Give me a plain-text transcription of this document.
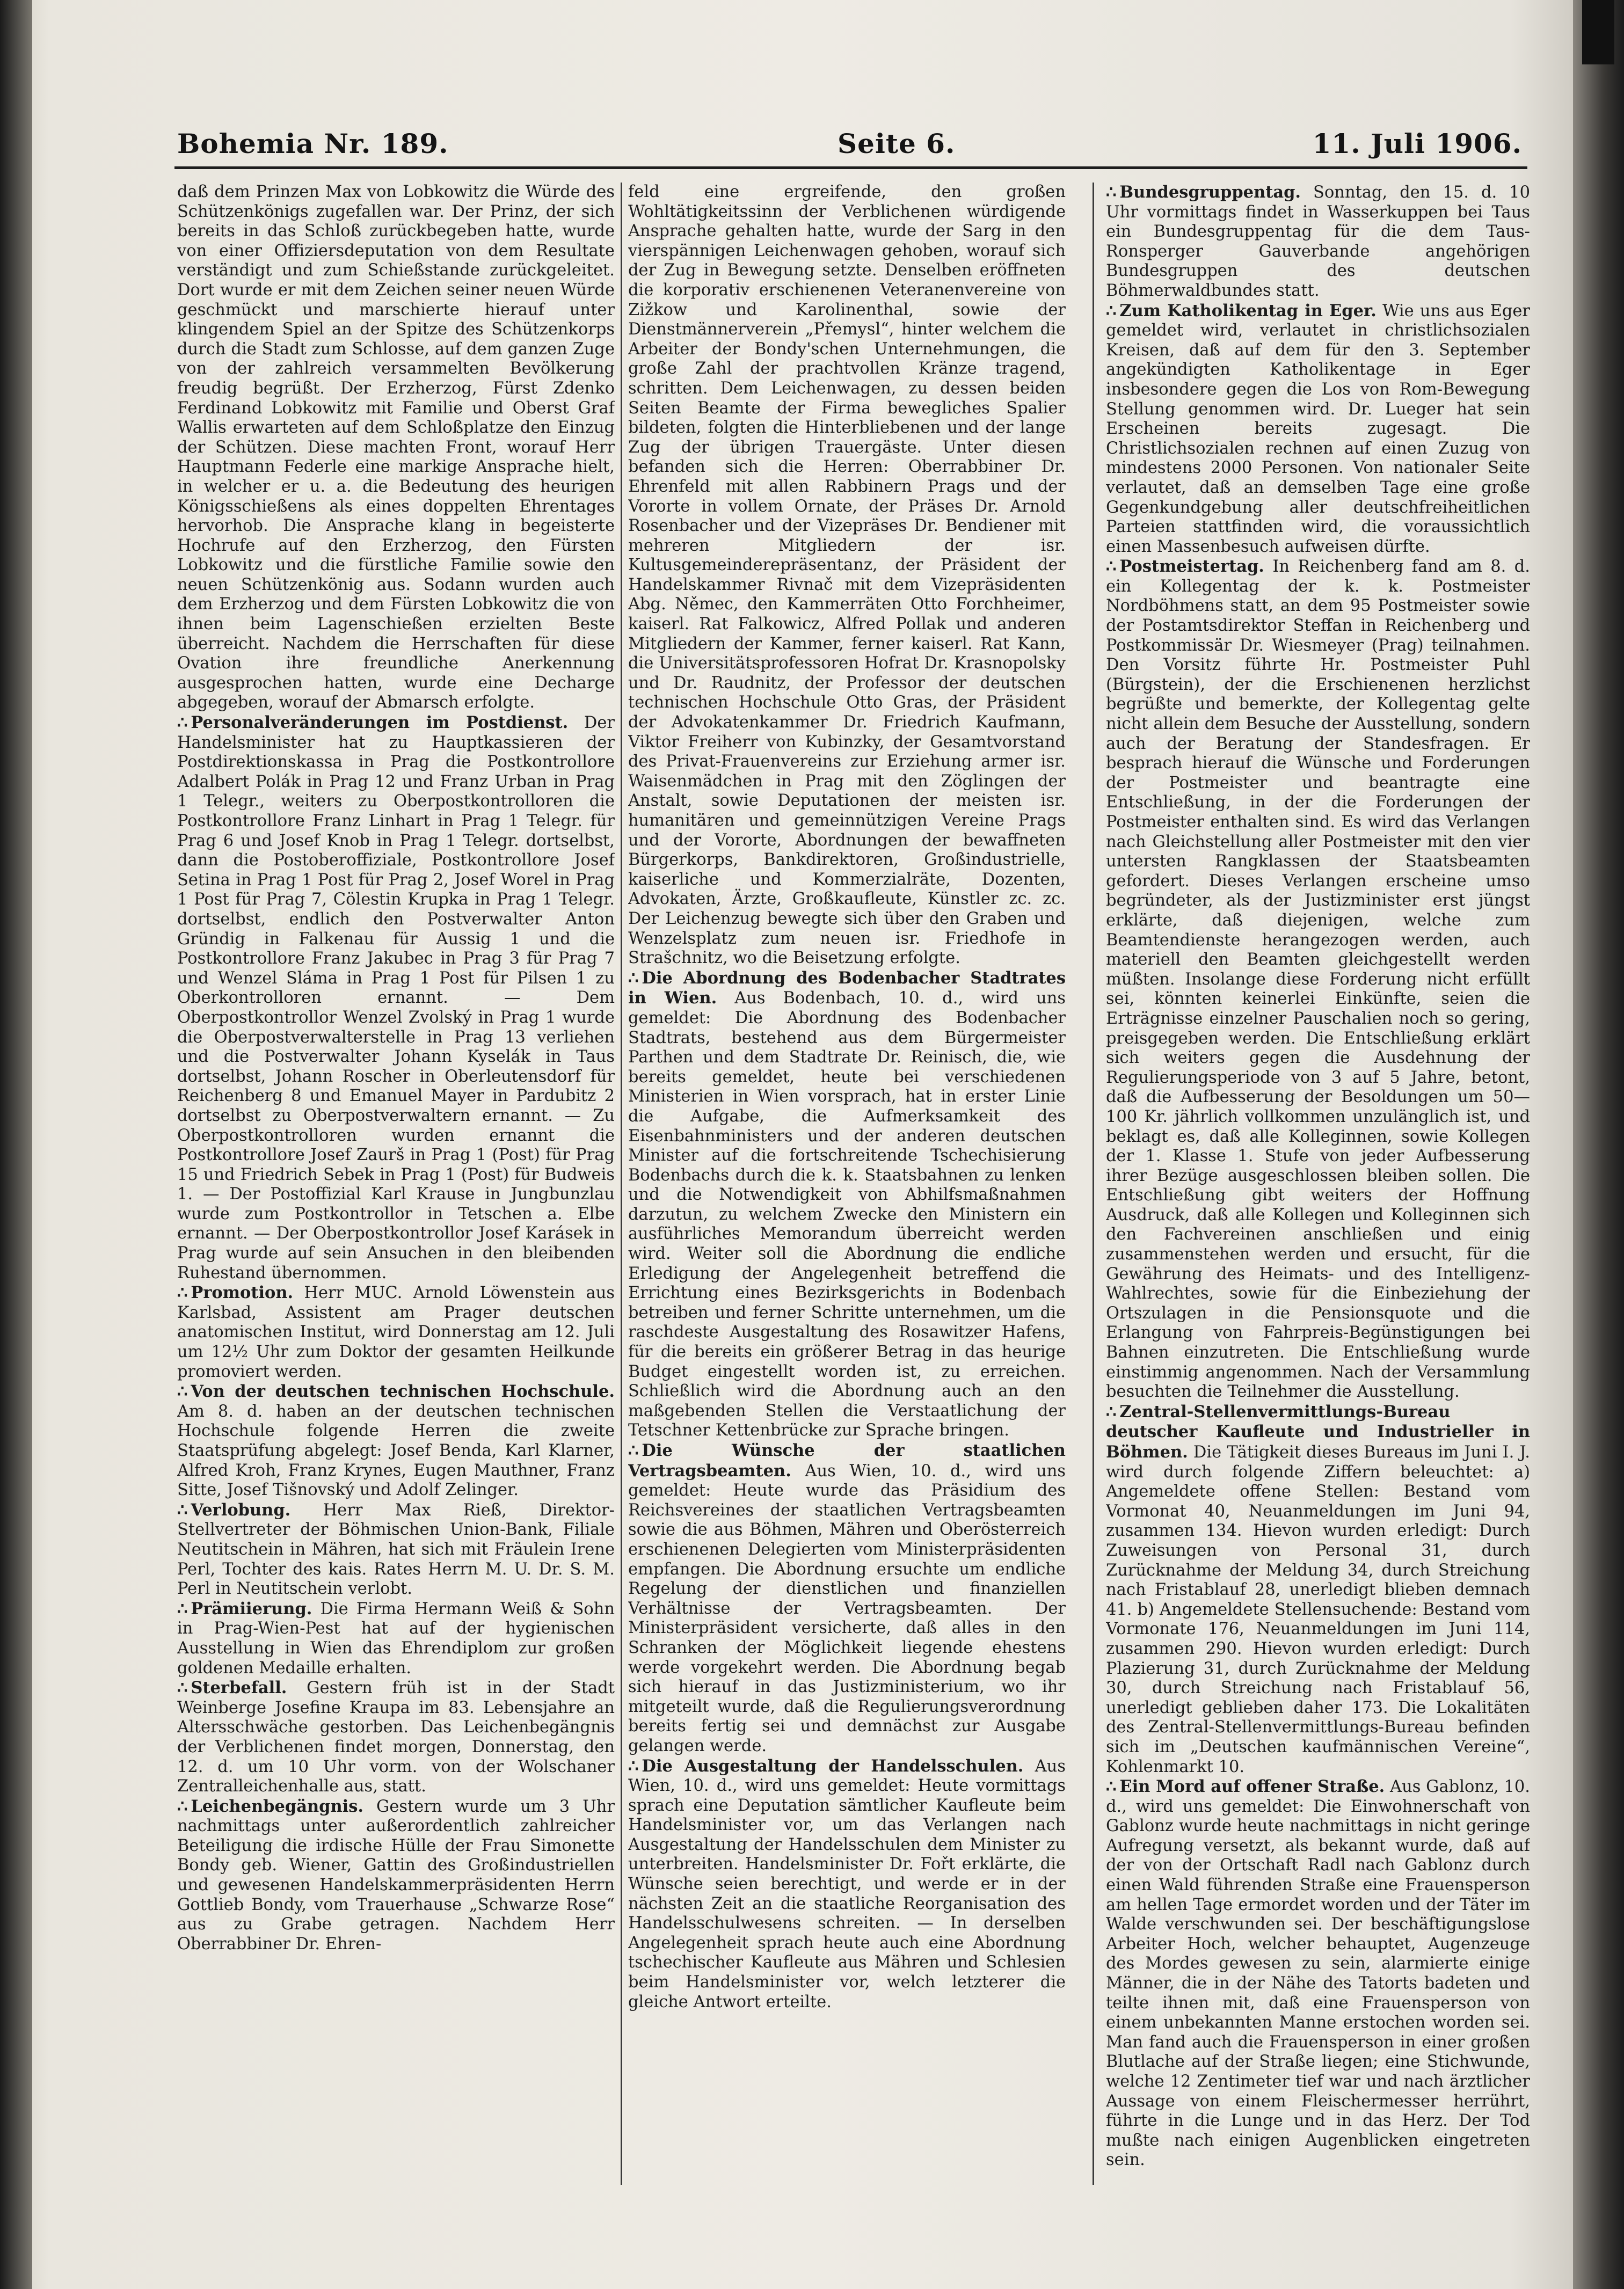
Bohemia Nr. 189.	Seite 6.	11. Juli 1906.

daß dem Prinzen Max von Lobkowitz die Würde des Schützenkönigs zugefallen war. Der Prinz, der sich bereits in das Schloß zurückbegeben hatte, wurde von einer Offiziersdeputation von dem Resultate verständigt und zum Schießstande zurückgeleitet. Dort wurde er mit dem Zeichen seiner neuen Würde geschmückt und marschierte hierauf unter klingendem Spiel an der Spitze des Schützenkorps durch die Stadt zum Schlosse, auf dem ganzen Zuge von der zahlreich versammelten Bevölkerung freudig begrüßt. Der Erzherzog, Fürst Zdenko Ferdinand Lobkowitz mit Familie und Oberst Graf Wallis erwarteten auf dem Schloßplatze den Einzug der Schützen. Diese machten Front, worauf Herr Hauptmann Federle eine markige Ansprache hielt, in welcher er u. a. die Bedeutung des heurigen Königsschießens als eines doppelten Ehrentages hervorhob. Die Ansprache klang in begeisterte Hochrufe auf den Erzherzog, den Fürsten Lobkowitz und die fürstliche Familie sowie den neuen Schützenkönig aus. Sodann wurden auch dem Erzherzog und dem Fürsten Lobkowitz die von ihnen beim Lagenschießen erzielten Beste überreicht. Nachdem die Herrschaften für diese Ovation ihre freundliche Anerkennung ausgesprochen hatten, wurde eine Decharge abgegeben, worauf der Abmarsch erfolgte.

∴ Personalveränderungen im Postdienst. Der Handelsminister hat zu Hauptkassieren der Postdirektionskassa in Prag die Postkontrollore Adalbert Polák in Prag 12 und Franz Urban in Prag 1 Telegr., weiters zu Oberpostkontrolloren die Postkontrollore Franz Linhart in Prag 1 Telegr. für Prag 6 und Josef Knob in Prag 1 Telegr. dortselbst, dann die Postoberoffiziale, Postkontrollore Josef Setina in Prag 1 Post für Prag 2, Josef Worel in Prag 1 Post für Prag 7, Cölestin Krupka in Prag 1 Telegr. dortselbst, endlich den Postverwalter Anton Gründig in Falkenau für Aussig 1 und die Postkontrollore Franz Jakubec in Prag 3 für Prag 7 und Wenzel Sláma in Prag 1 Post für Pilsen 1 zu Oberkontrolloren ernannt. — Dem Oberpostkontrollor Wenzel Zvolský in Prag 1 wurde die Oberpostverwalterstelle in Prag 13 verliehen und die Postverwalter Johann Kyselák in Taus dortselbst, Johann Roscher in Oberleutensdorf für Reichenberg 8 und Emanuel Mayer in Pardubitz 2 dortselbst zu Oberpostverwaltern ernannt. — Zu Oberpostkontrolloren wurden ernannt die Postkontrollore Josef Zaurš in Prag 1 (Post) für Prag 15 und Friedrich Sebek in Prag 1 (Post) für Budweis 1. — Der Postoffizial Karl Krause in Jungbunzlau wurde zum Postkontrollor in Tetschen a. Elbe ernannt. — Der Oberpostkontrollor Josef Karásek in Prag wurde auf sein Ansuchen in den bleibenden Ruhestand übernommen.

∴ Promotion. Herr MUC. Arnold Löwenstein aus Karlsbad, Assistent am Prager deutschen anatomischen Institut, wird Donnerstag am 12. Juli um 12½ Uhr zum Doktor der gesamten Heilkunde promoviert werden.

∴ Von der deutschen technischen Hochschule. Am 8. d. haben an der deutschen technischen Hochschule folgende Herren die zweite Staatsprüfung abgelegt: Josef Benda, Karl Klarner, Alfred Kroh, Franz Krynes, Eugen Mauthner, Franz Sitte, Josef Tišnovský und Adolf Zelinger.

∴ Verlobung. Herr Max Rieß, Direktor-Stellvertreter der Böhmischen Union-Bank, Filiale Neutitschein in Mähren, hat sich mit Fräulein Irene Perl, Tochter des kais. Rates Herrn M. U. Dr. S. M. Perl in Neutitschein verlobt.

∴ Prämiierung. Die Firma Hermann Weiß & Sohn in Prag-Wien-Pest hat auf der hygienischen Ausstellung in Wien das Ehrendiplom zur großen goldenen Medaille erhalten.

∴ Sterbefall. Gestern früh ist in der Stadt Weinberge Josefine Kraupa im 83. Lebensjahre an Altersschwäche gestorben. Das Leichenbegängnis der Verblichenen findet morgen, Donnerstag, den 12. d. um 10 Uhr vorm. von der Wolschaner Zentralleichenhalle aus, statt.

∴ Leichenbegängnis. Gestern wurde um 3 Uhr nachmittags unter außerordentlich zahlreicher Beteiligung die irdische Hülle der Frau Simonette Bondy geb. Wiener, Gattin des Großindustriellen und gewesenen Handelskammerpräsidenten Herrn Gottlieb Bondy, vom Trauerhause „Schwarze Rose“ aus zu Grabe getragen. Nachdem Herr Oberrabbiner Dr. Ehren-

feld eine ergreifende, den großen Wohltätigkeitssinn der Verblichenen würdigende Ansprache gehalten hatte, wurde der Sarg in den vierspännigen Leichenwagen gehoben, worauf sich der Zug in Bewegung setzte. Denselben eröffneten die korporativ erschienenen Veteranenvereine von Zižkow und Karolinenthal, sowie der Dienstmännerverein „Přemysl“, hinter welchem die Arbeiter der Bondy'schen Unternehmungen, die große Zahl der prachtvollen Kränze tragend, schritten. Dem Leichenwagen, zu dessen beiden Seiten Beamte der Firma bewegliches Spalier bildeten, folgten die Hinterbliebenen und der lange Zug der übrigen Trauergäste. Unter diesen befanden sich die Herren: Oberrabbiner Dr. Ehrenfeld mit allen Rabbinern Prags und der Vororte in vollem Ornate, der Präses Dr. Arnold Rosenbacher und der Vizepräses Dr. Bendiener mit mehreren Mitgliedern der isr. Kultusgemeinderepräsentanz, der Präsident der Handelskammer Rivnač mit dem Vizepräsidenten Abg. Němec, den Kammerräten Otto Forchheimer, kaiserl. Rat Falkowicz, Alfred Pollak und anderen Mitgliedern der Kammer, ferner kaiserl. Rat Kann, die Universitätsprofessoren Hofrat Dr. Krasnopolsky und Dr. Raudnitz, der Professor der deutschen technischen Hochschule Otto Gras, der Präsident der Advokatenkammer Dr. Friedrich Kaufmann, Viktor Freiherr von Kubinzky, der Gesamtvorstand des Privat-Frauenvereins zur Erziehung armer isr. Waisenmädchen in Prag mit den Zöglingen der Anstalt, sowie Deputationen der meisten isr. humanitären und gemeinnützigen Vereine Prags und der Vororte, Abordnungen der bewaffneten Bürgerkorps, Bankdirektoren, Großindustrielle, kaiserliche und Kommerzialräte, Dozenten, Advokaten, Ärzte, Großkaufleute, Künstler zc. zc. Der Leichenzug bewegte sich über den Graben und Wenzelsplatz zum neuen isr. Friedhofe in Strašchnitz, wo die Beisetzung erfolgte.

∴ Die Abordnung des Bodenbacher Stadtrates in Wien. Aus Bodenbach, 10. d., wird uns gemeldet: Die Abordnung des Bodenbacher Stadtrats, bestehend aus dem Bürgermeister Parthen und dem Stadtrate Dr. Reinisch, die, wie bereits gemeldet, heute bei verschiedenen Ministerien in Wien vorsprach, hat in erster Linie die Aufgabe, die Aufmerksamkeit des Eisenbahnministers und der anderen deutschen Minister auf die fortschreitende Tschechisierung Bodenbachs durch die k. k. Staatsbahnen zu lenken und die Notwendigkeit von Abhilfsmaßnahmen darzutun, zu welchem Zwecke den Ministern ein ausführliches Memorandum überreicht werden wird. Weiter soll die Abordnung die endliche Erledigung der Angelegenheit betreffend die Errichtung eines Bezirksgerichts in Bodenbach betreiben und ferner Schritte unternehmen, um die raschdeste Ausgestaltung des Rosawitzer Hafens, für die bereits ein größerer Betrag in das heurige Budget eingestellt worden ist, zu erreichen. Schließlich wird die Abordnung auch an den maßgebenden Stellen die Verstaatlichung der Tetschner Kettenbrücke zur Sprache bringen.

∴ Die Wünsche der staatlichen Vertragsbeamten. Aus Wien, 10. d., wird uns gemeldet: Heute wurde das Präsidium des Reichsvereines der staatlichen Vertragsbeamten sowie die aus Böhmen, Mähren und Oberösterreich erschienenen Delegierten vom Ministerpräsidenten empfangen. Die Abordnung ersuchte um endliche Regelung der dienstlichen und finanziellen Verhältnisse der Vertragsbeamten. Der Ministerpräsident versicherte, daß alles in den Schranken der Möglichkeit liegende ehestens werde vorgekehrt werden. Die Abordnung begab sich hierauf in das Justizministerium, wo ihr mitgeteilt wurde, daß die Regulierungsverordnung bereits fertig sei und demnächst zur Ausgabe gelangen werde.

∴ Die Ausgestaltung der Handelsschulen. Aus Wien, 10. d., wird uns gemeldet: Heute vormittags sprach eine Deputation sämtlicher Kaufleute beim Handelsminister vor, um das Verlangen nach Ausgestaltung der Handelsschulen dem Minister zu unterbreiten. Handelsminister Dr. Fořt erklärte, die Wünsche seien berechtigt, und werde er in der nächsten Zeit an die staatliche Reorganisation des Handelsschulwesens schreiten. — In derselben Angelegenheit sprach heute auch eine Abordnung tschechischer Kaufleute aus Mähren und Schlesien beim Handelsminister vor, welch letzterer die gleiche Antwort erteilte.

∴ Bundesgruppentag. Sonntag, den 15. d. 10 Uhr vormittags findet in Wasserkuppen bei Taus ein Bundesgruppentag für die dem Taus-Ronsperger Gauverbande angehörigen Bundesgruppen des deutschen Böhmerwaldbundes statt.

∴ Zum Katholikentag in Eger. Wie uns aus Eger gemeldet wird, verlautet in christlichsozialen Kreisen, daß auf dem für den 3. September angekündigten Katholikentage in Eger insbesondere gegen die Los von Rom-Bewegung Stellung genommen wird. Dr. Lueger hat sein Erscheinen bereits zugesagt. Die Christlichsozialen rechnen auf einen Zuzug von mindestens 2000 Personen. Von nationaler Seite verlautet, daß an demselben Tage eine große Gegenkundgebung aller deutschfreiheitlichen Parteien stattfinden wird, die voraussichtlich einen Massenbesuch aufweisen dürfte.

∴ Postmeistertag. In Reichenberg fand am 8. d. ein Kollegentag der k. k. Postmeister Nordböhmens statt, an dem 95 Postmeister sowie der Postamtsdirektor Steffan in Reichenberg und Postkommissär Dr. Wiesmeyer (Prag) teilnahmen. Den Vorsitz führte Hr. Postmeister Puhl (Bürgstein), der die Erschienenen herzlichst begrüßte und bemerkte, der Kollegentag gelte nicht allein dem Besuche der Ausstellung, sondern auch der Beratung der Standesfragen. Er besprach hierauf die Wünsche und Forderungen der Postmeister und beantragte eine Entschließung, in der die Forderungen der Postmeister enthalten sind. Es wird das Verlangen nach Gleichstellung aller Postmeister mit den vier untersten Rangklassen der Staatsbeamten gefordert. Dieses Verlangen erscheine umso begründeter, als der Justizminister erst jüngst erklärte, daß diejenigen, welche zum Beamtendienste herangezogen werden, auch materiell den Beamten gleichgestellt werden müßten. Insolange diese Forderung nicht erfüllt sei, könnten keinerlei Einkünfte, seien die Erträgnisse einzelner Pauschalien noch so gering, preisgegeben werden. Die Entschließung erklärt sich weiters gegen die Ausdehnung der Regulierungsperiode von 3 auf 5 Jahre, betont, daß die Aufbesserung der Besoldungen um 50—100 Kr. jährlich vollkommen unzulänglich ist, und beklagt es, daß alle Kolleginnen, sowie Kollegen der 1. Klasse 1. Stufe von jeder Aufbesserung ihrer Bezüge ausgeschlossen bleiben sollen. Die Entschließung gibt weiters der Hoffnung Ausdruck, daß alle Kollegen und Kolleginnen sich den Fachvereinen anschließen und einig zusammenstehen werden und ersucht, für die Gewährung des Heimats- und des Intelligenz-Wahlrechtes, sowie für die Einbeziehung der Ortszulagen in die Pensionsquote und die Erlangung von Fahrpreis-Begünstigungen bei Bahnen einzutreten. Die Entschließung wurde einstimmig angenommen. Nach der Versammlung besuchten die Teilnehmer die Ausstellung.

∴ Zentral-Stellenvermittlungs-Bureau deutscher Kaufleute und Industrieller in Böhmen. Die Tätigkeit dieses Bureaus im Juni I. J. wird durch folgende Ziffern beleuchtet: a) Angemeldete offene Stellen: Bestand vom Vormonat 40, Neuanmeldungen im Juni 94, zusammen 134. Hievon wurden erledigt: Durch Zuweisungen von Personal 31, durch Zurücknahme der Meldung 34, durch Streichung nach Fristablauf 28, unerledigt blieben demnach 41. b) Angemeldete Stellensuchende: Bestand vom Vormonate 176, Neuanmeldungen im Juni 114, zusammen 290. Hievon wurden erledigt: Durch Plazierung 31, durch Zurücknahme der Meldung 30, durch Streichung nach Fristablauf 56, unerledigt geblieben daher 173. Die Lokalitäten des Zentral-Stellenvermittlungs-Bureau befinden sich im „Deutschen kaufmännischen Vereine“, Kohlenmarkt 10.

∴ Ein Mord auf offener Straße. Aus Gablonz, 10. d., wird uns gemeldet: Die Einwohnerschaft von Gablonz wurde heute nachmittags in nicht geringe Aufregung versetzt, als bekannt wurde, daß auf der von der Ortschaft Radl nach Gablonz durch einen Wald führenden Straße eine Frauensperson am hellen Tage ermordet worden und der Täter im Walde verschwunden sei. Der beschäftigungslose Arbeiter Hoch, welcher behauptet, Augenzeuge des Mordes gewesen zu sein, alarmierte einige Männer, die in der Nähe des Tatorts badeten und teilte ihnen mit, daß eine Frauensperson von einem unbekannten Manne erstochen worden sei. Man fand auch die Frauensperson in einer großen Blutlache auf der Straße liegen; eine Stichwunde, welche 12 Zentimeter tief war und nach ärztlicher Aussage von einem Fleischermesser herrührt, führte in die Lunge und in das Herz. Der Tod mußte nach einigen Augenblicken eingetreten sein.
